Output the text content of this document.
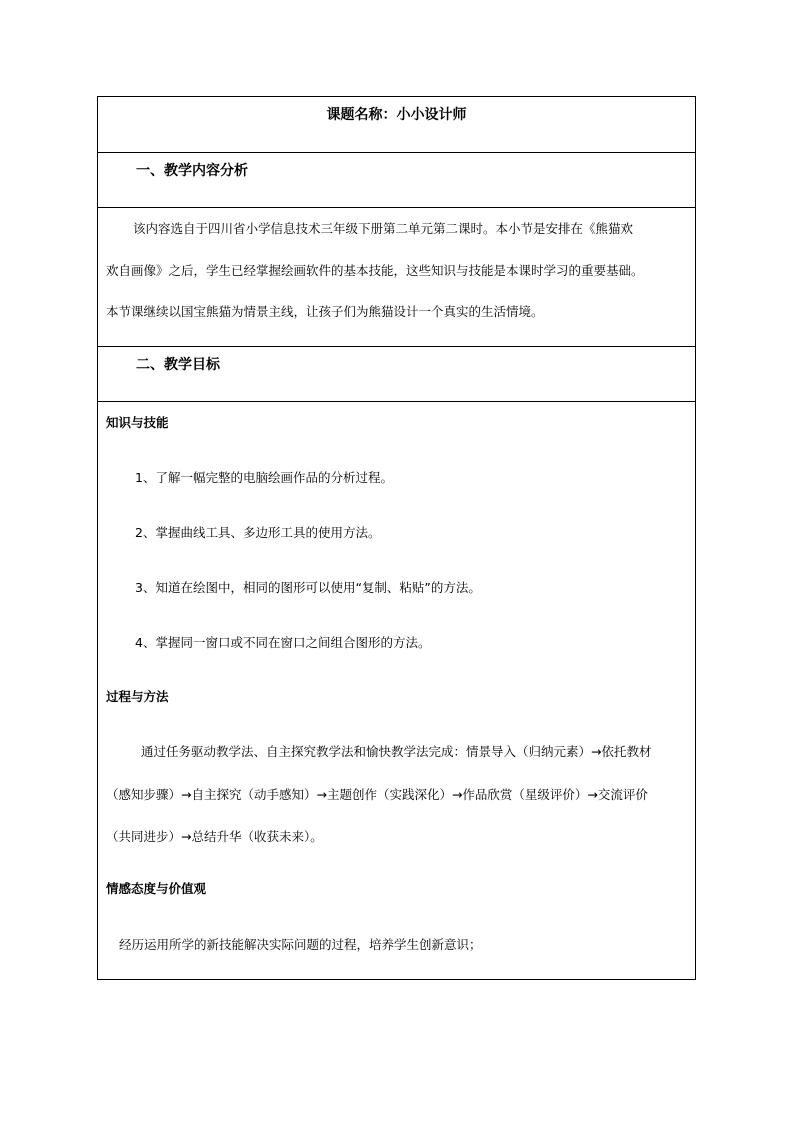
课题名称：小小设计师
一、教学内容分析
该内容选自于四川省小学信息技术三年级下册第二单元第二课时。本小节是安排在《熊猫欢
欢自画像》之后，学生已经掌握绘画软件的基本技能，这些知识与技能是本课时学习的重要基础。
本节课继续以国宝熊猫为情景主线，让孩子们为熊猫设计一个真实的生活情境。
二、教学目标
知识与技能
1、了解一幅完整的电脑绘画作品的分析过程。
2、掌握曲线工具、多边形工具的使用方法。
3、知道在绘图中，相同的图形可以使用“复制、粘贴”的方法。
4、掌握同一窗口或不同在窗口之间组合图形的方法。
过程与方法
通过任务驱动教学法、自主探究教学法和愉快教学法完成：情景导入（归纳元素）→依托教材
（感知步骤）→自主探究（动手感知）→主题创作（实践深化）→作品欣赏（星级评价）→交流评价
（共同进步）→总结升华（收获未来）。
情感态度与价值观
经历运用所学的新技能解决实际问题的过程，培养学生创新意识；
